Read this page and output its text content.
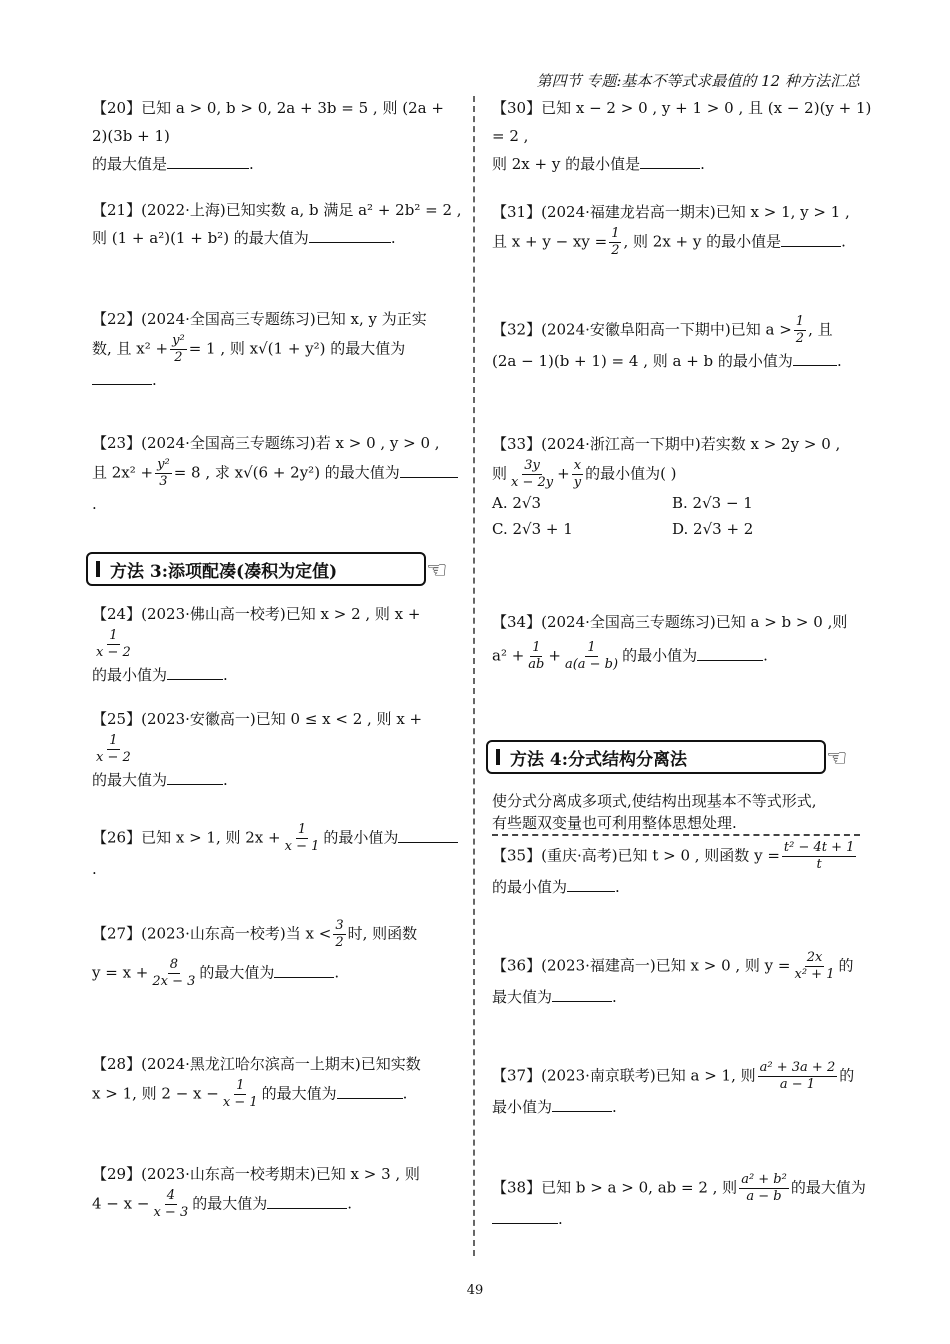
第四节 专题:基本不等式求最值的 12 种方法汇总
【20】已知 a > 0, b > 0, 2a + 3b = 5 , 则 (2a + 2)(3b + 1)
的最大值是	.
【21】(2022·上海)已知实数 a, b 满足 a² + 2b² = 2 ,
则 (1 + a²)(1 + b²) 的最大值为	.
【22】(2024·全国高三专题练习)已知 x, y 为正实
数, 且 $x^2 + \frac{\text{y²}}{2} = 1$ , 则 x√(1 + y²) 的最大值为.
【23】(2024·全国高三专题练习)若 x > 0 , y > 0 ,
且 $2x^2 + \frac{\text{y²}}{3} = 8$ , 求 x√(6 + 2y²) 的最大值为.
方法 3:添项配凑(凑积为定值)	☜
【24】(2023·佛山高一校考)已知 x > 2 , 则 x +
$\frac{1}{x - 2}$
的最小值为	.
【25】(2023·安徽高一)已知 0 ≤ x < 2 , 则 x +
$\frac{1}{x - 2}$
的最大值为	.
【26】已知 x > 1, 则 $2x + \frac{1}{x - 1}$ 的最小值为.
【27】(2023·山东高一校考)当 $x < \frac{3}{2}$ 时, 则函数
$y = x + \frac{8}{2x - 3}$ 的最大值为	.
【28】(2024·黑龙江哈尔滨高一上期末)已知实数
x > 1, 则 $2 - x - \frac{1}{x - 1}$ 的最大值为	.
【29】(2023·山东高一校考期末)已知 x > 3 , 则
$4 - x - \frac{4}{x - 3}$ 的最大值为	.
【30】已知 x − 2 > 0 , y + 1 > 0 , 且 (x − 2)(y + 1) = 2 ,
则 2x + y 的最小值是	.
【31】(2024·福建龙岩高一期末)已知 x > 1, y > 1 ,
且 x + y − xy = $\frac{1}{2}$ , 则 2x + y 的最小值是	.
【32】(2024·安徽阜阳高一下期中)已知 $a > \frac{1}{2}$ , 且
(2a − 1)(b + 1) = 4 , 则 a + b 的最小值为	.
【33】(2024·浙江高一下期中)若实数 x > 2y > 0 ,
则 $\frac{3y}{x - 2y} + \frac{x}{y}$ 的最小值为( )
A. 2√3	B. 2√3 − 1
C. 2√3 + 1	D. 2√3 + 2
【34】(2024·全国高三专题练习)已知 a > b > 0 ,则
$a^2 + \frac{1}{ab} + \frac{1}{a(a - b)}$ 的最小值为	.
方法 4:分式结构分离法	☜
使分式分离成多项式,使结构出现基本不等式形式,
有些题双变量也可利用整体思想处理.
【35】(重庆·高考)已知 t > 0 , 则函数 $y = \frac{\text{t² − 4t + 1}}{t}$
的最小值为	.
【36】(2023·福建高一)已知 x > 0 , 则 $y = \frac{2x}{\text{x² + 1}}$ 的
最大值为	.
【37】(2023·南京联考)已知 a > 1, 则 $\frac{\text{a² + 3a + 2}}{a - 1}$ 的
最小值为	.
【38】已知 b > a > 0, ab = 2 , 则 $\frac{\text{a² + b²}}{a - b}$ 的最大值为
.
49
